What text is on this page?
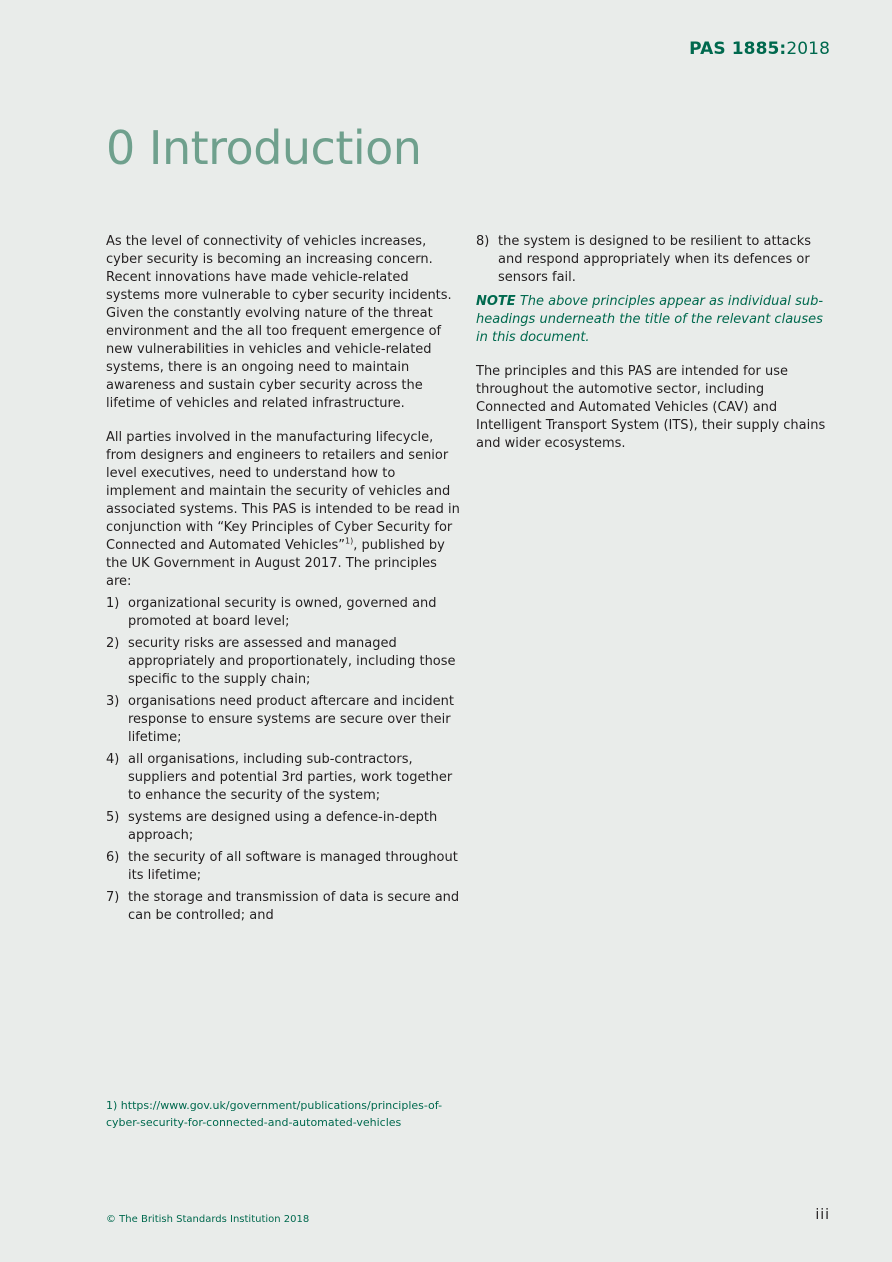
PAS 1885:2018
0 Introduction

As the level of connectivity of vehicles increases, cyber security is becoming an increasing concern. Recent innovations have made vehicle-related systems more vulnerable to cyber security incidents. Given the constantly evolving nature of the threat environment and the all too frequent emergence of new vulnerabilities in vehicles and vehicle-related systems, there is an ongoing need to maintain awareness and sustain cyber security across the lifetime of vehicles and related infrastructure.

All parties involved in the manufacturing lifecycle, from designers and engineers to retailers and senior level executives, need to understand how to implement and maintain the security of vehicles and associated systems. This PAS is intended to be read in conjunction with “Key Principles of Cyber Security for Connected and Automated Vehicles”$^{1)}$, published by the UK Government in August 2017. The principles are:

1) organizational security is owned, governed and promoted at board level;
2) security risks are assessed and managed appropriately and proportionately, including those specific to the supply chain;
3) organisations need product aftercare and incident response to ensure systems are secure over their lifetime;
4) all organisations, including sub-contractors, suppliers and potential 3rd parties, work together to enhance the security of the system;
5) systems are designed using a defence-in-depth approach;
6) the security of all software is managed throughout its lifetime;
7) the storage and transmission of data is secure and can be controlled; and
8) the system is designed to be resilient to attacks and respond appropriately when its defences or sensors fail.

NOTE The above principles appear as individual sub-headings underneath the title of the relevant clauses in this document.

The principles and this PAS are intended for use throughout the automotive sector, including Connected and Automated Vehicles (CAV) and Intelligent Transport System (ITS), their supply chains and wider ecosystems.

1) https://www.gov.uk/government/publications/principles-of-cyber-security-for-connected-and-automated-vehicles
© The British Standards Institution 2018	iii
